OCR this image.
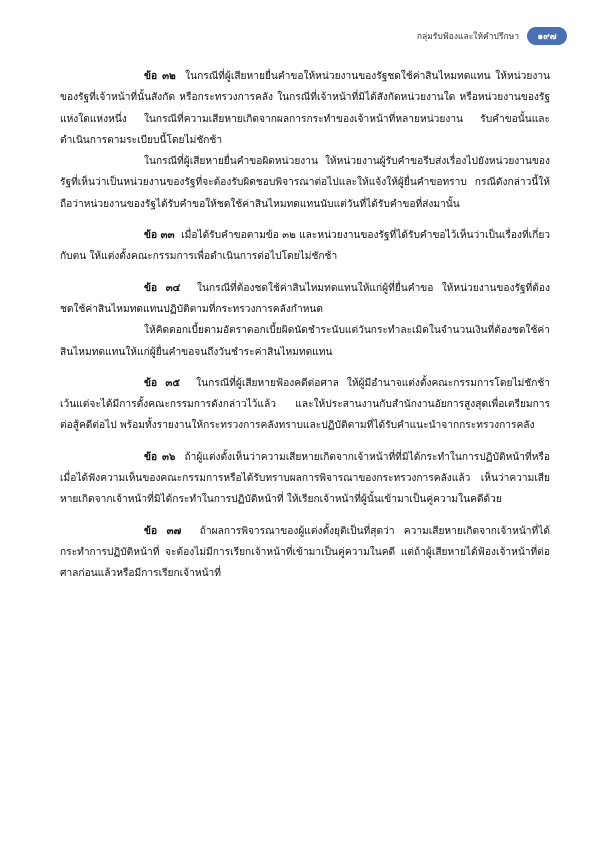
กลุ่มรับฟ้องและให้คำปรึกษา	๑๙๗

ข้อ ๓๒ ในกรณีที่ผู้เสียหายยื่นคำขอให้หน่วยงานของรัฐชดใช้ค่าสินไหมทดแทน ให้หน่วยงานของรัฐที่เจ้าหน้าที่นั้นสังกัด หรือกระทรวงการคลัง ในกรณีที่เจ้าหน้าที่มิได้สังกัดหน่วยงานใด หรือหน่วยงานของรัฐแห่งใดแห่งหนึ่ง ในกรณีที่ความเสียหายเกิดจากผลการกระทำของเจ้าหน้าที่หลายหน่วยงาน รับคำขอนั้นและดำเนินการตามระเบียบนี้โดยไม่ชักช้า

ในกรณีที่ผู้เสียหายยื่นคำขอผิดหน่วยงาน ให้หน่วยงานผู้รับคำขอรีบส่งเรื่องไปยังหน่วยงานของรัฐที่เห็นว่าเป็นหน่วยงานของรัฐที่จะต้องรับผิดชอบพิจารณาต่อไปและให้แจ้งให้ผู้ยื่นคำขอทราบ กรณีดังกล่าวนี้ให้ถือว่าหน่วยงานของรัฐได้รับคำขอให้ชดใช้ค่าสินไหมทดแทนนับแต่วันที่ได้รับคำขอที่ส่งมานั้น

ข้อ ๓๓ เมื่อได้รับคำขอตามข้อ ๓๒ และหน่วยงานของรัฐที่ได้รับคำขอไว้เห็นว่าเป็นเรื่องที่เกี่ยวกับตน ให้แต่งตั้งคณะกรรมการเพื่อดำเนินการต่อไปโดยไม่ชักช้า

ข้อ ๓๔ ในกรณีที่ต้องชดใช้ค่าสินไหมทดแทนให้แก่ผู้ที่ยื่นคำขอ ให้หน่วยงานของรัฐที่ต้องชดใช้ค่าสินไหมทดแทนปฏิบัติตามที่กระทรวงการคลังกำหนด

ให้คิดดอกเบี้ยตามอัตราดอกเบี้ยผิดนัดชำระนับแต่วันกระทำละเมิดในจำนวนเงินที่ต้องชดใช้ค่าสินไหมทดแทนให้แก่ผู้ยื่นคำขอจนถึงวันชำระค่าสินไหมทดแทน

ข้อ ๓๕ ในกรณีที่ผู้เสียหายฟ้องคดีต่อศาล ให้ผู้มีอำนาจแต่งตั้งคณะกรรมการโดยไม่ชักช้า เว้นแต่จะได้มีการตั้งคณะกรรมการดังกล่าวไว้แล้ว และให้ประสานงานกับสำนักงานอัยการสูงสุดเพื่อเตรียมการต่อสู้คดีต่อไป พร้อมทั้งรายงานให้กระทรวงการคลังทราบและปฏิบัติตามที่ได้รับคำแนะนำจากกระทรวงการคลัง

ข้อ ๓๖ ถ้าผู้แต่งตั้งเห็นว่าความเสียหายเกิดจากเจ้าหน้าที่ที่มิได้กระทำในการปฏิบัติหน้าที่หรือเมื่อได้ฟังความเห็นของคณะกรรมการหรือได้รับทราบผลการพิจารณาของกระทรวงการคลังแล้ว เห็นว่าความเสียหายเกิดจากเจ้าหน้าที่มิได้กระทำในการปฏิบัติหน้าที่ ให้เรียกเจ้าหน้าที่ผู้นั้นเข้ามาเป็นคู่ความในคดีด้วย

ข้อ ๓๗ ถ้าผลการพิจารณาของผู้แต่งตั้งยุติเป็นที่สุดว่า ความเสียหายเกิดจากเจ้าหน้าที่ได้กระทำการปฏิบัติหน้าที่ จะต้องไม่มีการเรียกเจ้าหน้าที่เข้ามาเป็นคู่ความในคดี แต่ถ้าผู้เสียหายได้ฟ้องเจ้าหน้าที่ต่อศาลก่อนแล้วหรือมีการเรียกเจ้าหน้าที่
